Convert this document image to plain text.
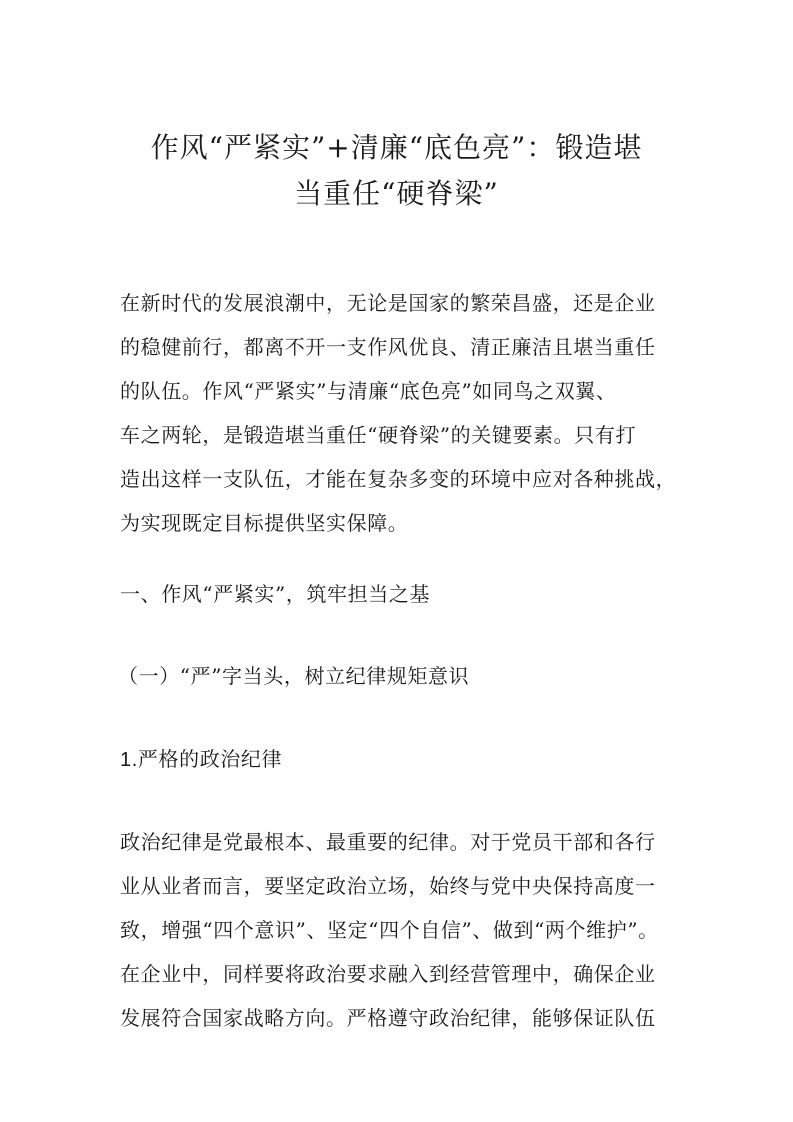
作风“严紧实”+清廉“底色亮”：锻造堪
当重任“硬脊梁”

在新时代的发展浪潮中，无论是国家的繁荣昌盛，还是企业
的稳健前行，都离不开一支作风优良、清正廉洁且堪当重任
的队伍。作风“严紧实”与清廉“底色亮”如同鸟之双翼、
车之两轮，是锻造堪当重任“硬脊梁”的关键要素。只有打
造出这样一支队伍，才能在复杂多变的环境中应对各种挑战，
为实现既定目标提供坚实保障。

一、作风“严紧实”，筑牢担当之基

（一）“严”字当头，树立纪律规矩意识

1.严格的政治纪律

政治纪律是党最根本、最重要的纪律。对于党员干部和各行
业从业者而言，要坚定政治立场，始终与党中央保持高度一
致，增强“四个意识”、坚定“四个自信”、做到“两个维护”。
在企业中，同样要将政治要求融入到经营管理中，确保企业
发展符合国家战略方向。严格遵守政治纪律，能够保证队伍
